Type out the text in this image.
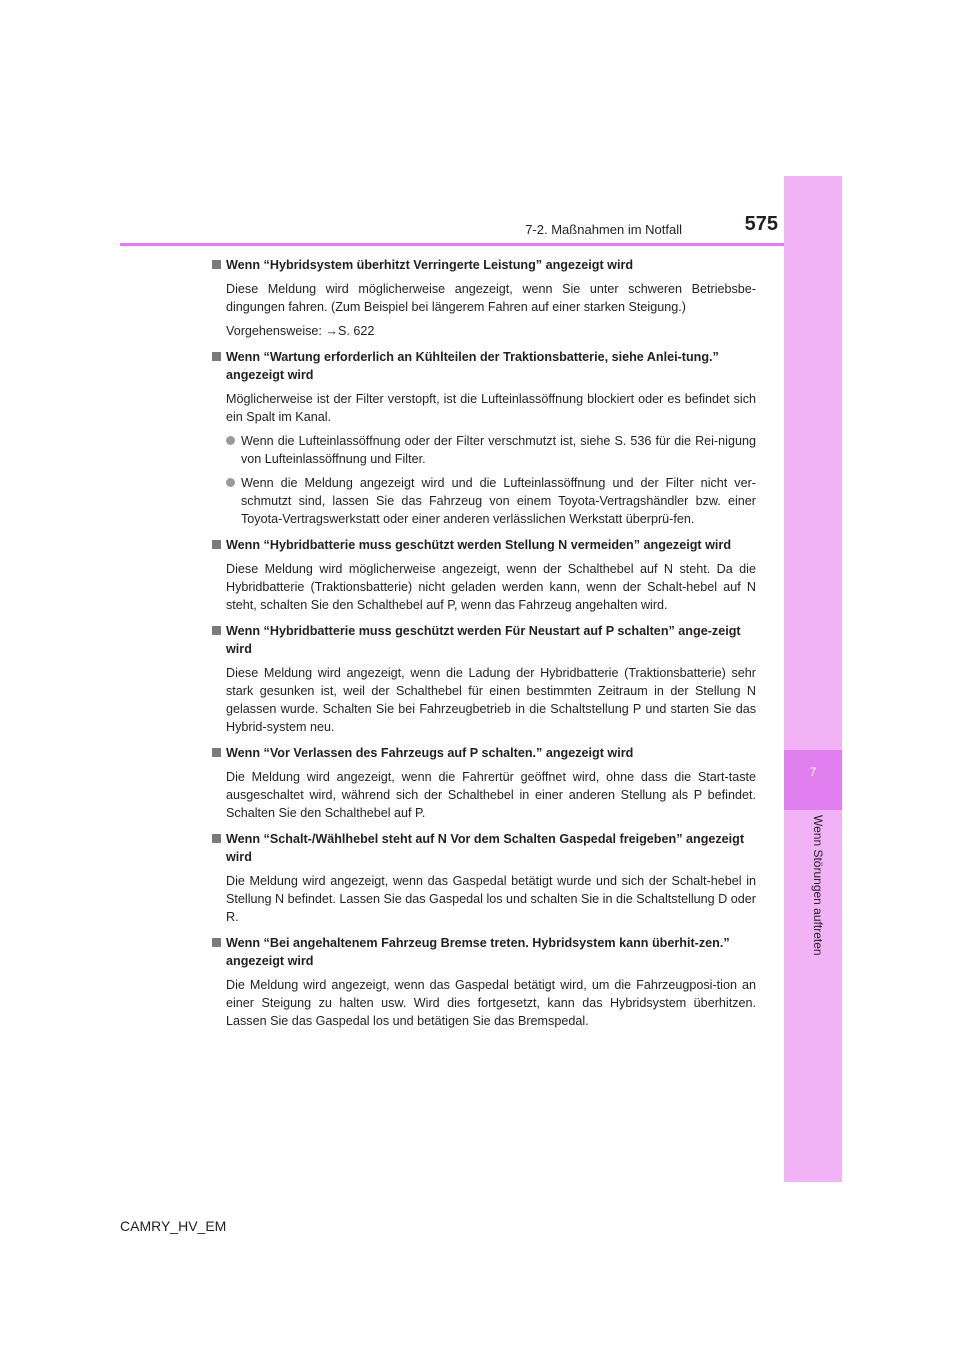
7
Wenn Störungen auftreten
7-2. Maßnahmen im Notfall	575
Wenn “Hybridsystem überhitzt Verringerte Leistung” angezeigt wird
Diese Meldung wird möglicherweise angezeigt, wenn Sie unter schweren Betriebsbe-dingungen fahren. (Zum Beispiel bei längerem Fahren auf einer starken Steigung.)
Vorgehensweise: →S. 622
Wenn “Wartung erforderlich an Kühlteilen der Traktionsbatterie, siehe Anlei-tung.” angezeigt wird
Möglicherweise ist der Filter verstopft, ist die Lufteinlassöffnung blockiert oder es befindet sich ein Spalt im Kanal.
Wenn die Lufteinlassöffnung oder der Filter verschmutzt ist, siehe S. 536 für die Rei-nigung von Lufteinlassöffnung und Filter.
Wenn die Meldung angezeigt wird und die Lufteinlassöffnung und der Filter nicht ver-schmutzt sind, lassen Sie das Fahrzeug von einem Toyota-Vertragshändler bzw. einer Toyota-Vertragswerkstatt oder einer anderen verlässlichen Werkstatt überprü-fen.
Wenn “Hybridbatterie muss geschützt werden Stellung N vermeiden” angezeigt wird
Diese Meldung wird möglicherweise angezeigt, wenn der Schalthebel auf N steht. Da die Hybridbatterie (Traktionsbatterie) nicht geladen werden kann, wenn der Schalt-hebel auf N steht, schalten Sie den Schalthebel auf P, wenn das Fahrzeug angehalten wird.
Wenn “Hybridbatterie muss geschützt werden Für Neustart auf P schalten” ange-zeigt wird
Diese Meldung wird angezeigt, wenn die Ladung der Hybridbatterie (Traktionsbatterie) sehr stark gesunken ist, weil der Schalthebel für einen bestimmten Zeitraum in der Stellung N gelassen wurde. Schalten Sie bei Fahrzeugbetrieb in die Schaltstellung P und starten Sie das Hybrid-system neu.
Wenn “Vor Verlassen des Fahrzeugs auf P schalten.” angezeigt wird
Die Meldung wird angezeigt, wenn die Fahrertür geöffnet wird, ohne dass die Start-taste ausgeschaltet wird, während sich der Schalthebel in einer anderen Stellung als P befindet. Schalten Sie den Schalthebel auf P.
Wenn “Schalt-/Wählhebel steht auf N Vor dem Schalten Gaspedal freigeben” angezeigt wird
Die Meldung wird angezeigt, wenn das Gaspedal betätigt wurde und sich der Schalt-hebel in Stellung N befindet. Lassen Sie das Gaspedal los und schalten Sie in die Schaltstellung D oder R.
Wenn “Bei angehaltenem Fahrzeug Bremse treten. Hybridsystem kann überhit-zen.” angezeigt wird
Die Meldung wird angezeigt, wenn das Gaspedal betätigt wird, um die Fahrzeugposi-tion an einer Steigung zu halten usw. Wird dies fortgesetzt, kann das Hybridsystem überhitzen. Lassen Sie das Gaspedal los und betätigen Sie das Bremspedal.
CAMRY_HV_EM
